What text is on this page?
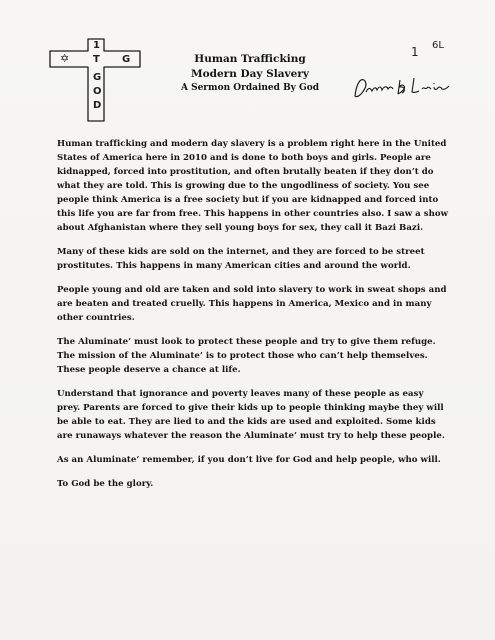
1
T G
✡
G
O
D
Human Trafficking
Modern Day Slavery
A Sermon Ordained By God
1 6L

Human trafficking and modern day slavery is a problem right here in the United States of America here in 2010 and is done to both boys and girls. People are kidnapped, forced into prostitution, and often brutally beaten if they don’t do what they are told. This is growing due to the ungodliness of society. You see people think America is a free society but if you are kidnapped and forced into this life you are far from free. This happens in other countries also. I saw a show about Afghanistan where they sell young boys for sex, they call it Bazi Bazi.

Many of these kids are sold on the internet, and they are forced to be street prostitutes. This happens in many American cities and around the world.

People young and old are taken and sold into slavery to work in sweat shops and are beaten and treated cruelly. This happens in America, Mexico and in many other countries.

The Aluminate’ must look to protect these people and try to give them refuge. The mission of the Aluminate’ is to protect those who can’t help themselves. These people deserve a chance at life.

Understand that ignorance and poverty leaves many of these people as easy prey. Parents are forced to give their kids up to people thinking maybe they will be able to eat. They are lied to and the kids are used and exploited. Some kids are runaways whatever the reason the Aluminate’ must try to help these people.

As an Aluminate’ remember, if you don’t live for God and help people, who will.

To God be the glory.
